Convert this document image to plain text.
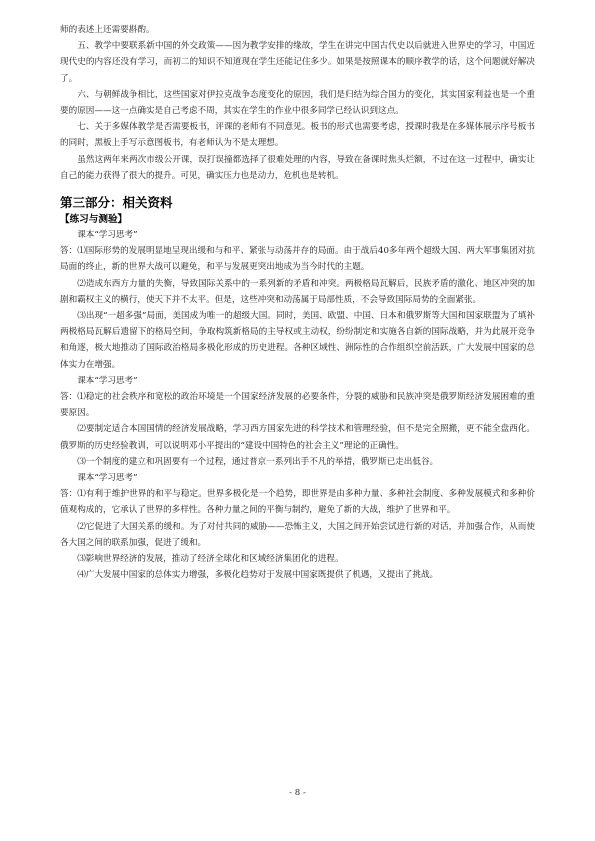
师的表述上还需要斟酌。

五、教学中要联系新中国的外交政策——因为教学安排的缘故，学生在讲完中国古代史以后就进入世界史的学习，中国近现代史的内容还没有学习，而初二的知识不知道现在学生还能记住多少。如果是按照课本的顺序教学的话，这个问题就好解决了。

六、与朝鲜战争相比，这些国家对伊拉克战争态度变化的原因，我们是归结为综合国力的变化，其实国家利益也是一个重要的原因——这一点确实是自己考虑不周，其实在学生的作业中很多同学已经认识到这点。

七、关于多媒体教学是否需要板书，评课的老师有不同意见。板书的形式也需要考虑，授课时我是在多媒体展示序号板书的同时，黑板上手写示意图板书，有老师认为不是太理想。

虽然这两年来两次市级公开课，误打误撞都选择了很难处理的内容，导致在备课时焦头烂额，不过在这一过程中，确实让自己的能力获得了很大的提升。可见，确实压力也是动力，危机也是转机。

第三部分：相关资料
【练习与测验】

课本“学习思考”

答：⑴国际形势的发展明显地呈现出缓和与和平、紧张与动荡并存的局面。由于战后40多年两个超级大国、两大军事集团对抗局面的终止，新的世界大战可以避免，和平与发展更突出地成为当今时代的主题。

⑵造成东西方力量的失衡，导致国际关系中的一系列新的矛盾和冲突。两极格局瓦解后，民族矛盾的激化、地区冲突的加剧和霸权主义的横行，使天下并不太平。但是，这些冲突和动荡属于局部性质，不会导致国际局势的全面紧张。

⑶出现“一超多强”局面，美国成为唯一的超级大国。同时，美国、欧盟、中国、日本和俄罗斯等大国和国家联盟为了填补两极格局瓦解后遗留下的格局空间，争取构筑新格局的主导权或主动权，纷纷制定和实施各自新的国际战略，并为此展开竞争和角逐，极大地推动了国际政治格局多极化形成的历史进程。各种区域性、洲际性的合作组织空前活跃，广大发展中国家的总体实力在增强。

课本“学习思考”

答：⑴稳定的社会秩序和宽松的政治环境是一个国家经济发展的必要条件，分裂的威胁和民族冲突是俄罗斯经济发展困难的重要原因。

⑵要制定适合本国国情的经济发展战略，学习西方国家先进的科学技术和管理经验，但不是完全照搬，更不能全盘西化。俄罗斯的历史经验教训，可以说明邓小平提出的“建设中国特色的社会主义”理论的正确性。

⑶一个制度的建立和巩固要有一个过程，通过普京一系列出手不凡的举措，俄罗斯已走出低谷。

课本“学习思考”

答：⑴有利于维护世界的和平与稳定。世界多极化是一个趋势，即世界是由多种力量、多种社会制度、多种发展模式和多种价值观构成的，它承认了世界的多样性。各种力量之间的平衡与制约，避免了新的大战，维护了世界和平。

⑵它促进了大国关系的缓和。为了对付共同的威胁——恐怖主义，大国之间开始尝试进行新的对话，并加强合作，从而使各大国之间的联系加强，促进了缓和。

⑶影响世界经济的发展，推动了经济全球化和区域经济集团化的进程。

⑷广大发展中国家的总体实力增强，多极化趋势对于发展中国家既提供了机遇，又提出了挑战。

- 8 -
